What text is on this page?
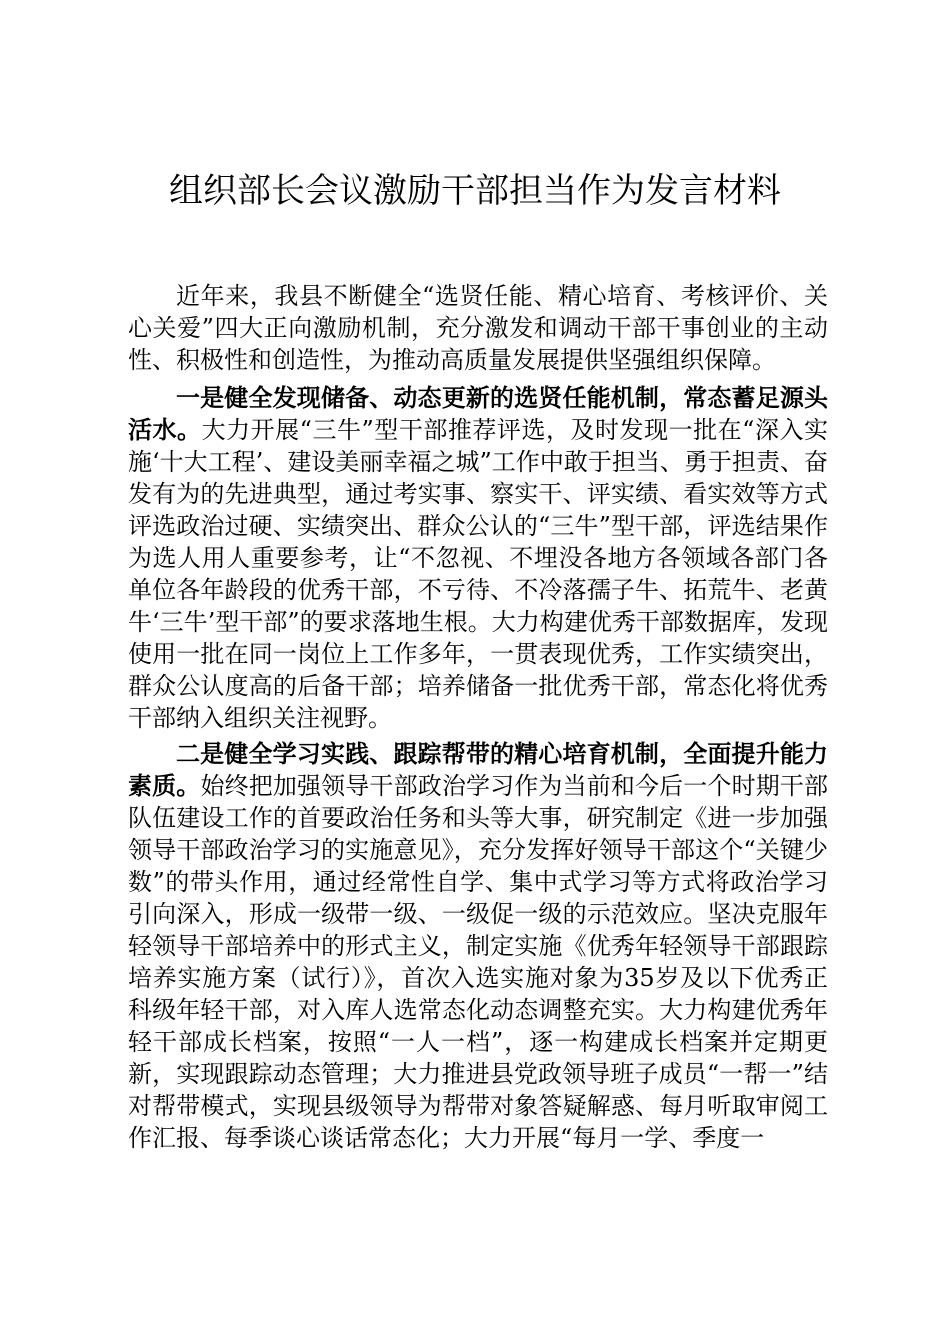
组织部长会议激励干部担当作为发言材料

近年来，我县不断健全“选贤任能、精心培育、考核评价、关心关爱”四大正向激励机制，充分激发和调动干部干事创业的主动性、积极性和创造性，为推动高质量发展提供坚强组织保障。

一是健全发现储备、动态更新的选贤任能机制，常态蓄足源头活水。大力开展“三牛”型干部推荐评选，及时发现一批在“深入实施‘十大工程’、建设美丽幸福之城”工作中敢于担当、勇于担责、奋发有为的先进典型，通过考实事、察实干、评实绩、看实效等方式评选政治过硬、实绩突出、群众公认的“三牛”型干部，评选结果作为选人用人重要参考，让“不忽视、不埋没各地方各领域各部门各单位各年龄段的优秀干部，不亏待、不冷落孺子牛、拓荒牛、老黄牛‘三牛’型干部”的要求落地生根。大力构建优秀干部数据库，发现使用一批在同一岗位上工作多年，一贯表现优秀，工作实绩突出，群众公认度高的后备干部；培养储备一批优秀干部，常态化将优秀干部纳入组织关注视野。

二是健全学习实践、跟踪帮带的精心培育机制，全面提升能力素质。始终把加强领导干部政治学习作为当前和今后一个时期干部队伍建设工作的首要政治任务和头等大事，研究制定《进一步加强领导干部政治学习的实施意见》，充分发挥好领导干部这个“关键少数”的带头作用，通过经常性自学、集中式学习等方式将政治学习引向深入，形成一级带一级、一级促一级的示范效应。坚决克服年轻领导干部培养中的形式主义，制定实施《优秀年轻领导干部跟踪培养实施方案（试行）》，首次入选实施对象为35岁及以下优秀正科级年轻干部，对入库人选常态化动态调整充实。大力构建优秀年轻干部成长档案，按照“一人一档”，逐一构建成长档案并定期更新，实现跟踪动态管理；大力推进县党政领导班子成员“一帮一”结对帮带模式，实现县级领导为帮带对象答疑解惑、每月听取审阅工作汇报、每季谈心谈话常态化；大力开展“每月一学、季度一
